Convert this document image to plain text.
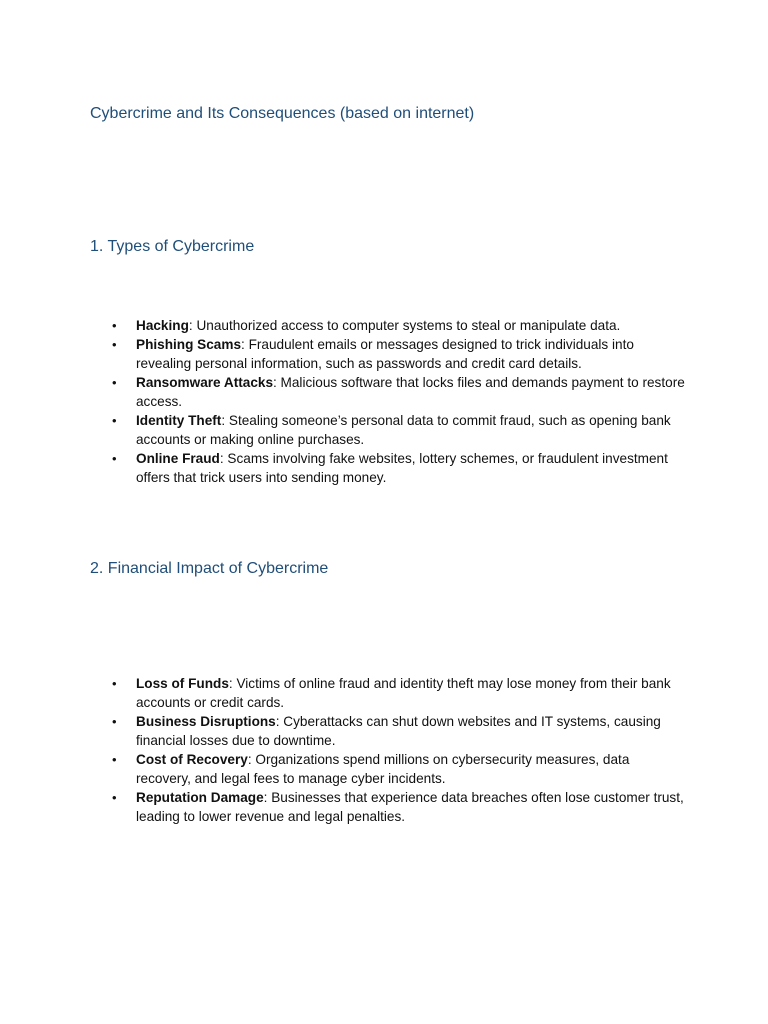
Cybercrime and Its Consequences (based on internet)
1. Types of Cybercrime
• Hacking: Unauthorized access to computer systems to steal or manipulate data.
• Phishing Scams: Fraudulent emails or messages designed to trick individuals into revealing personal information, such as passwords and credit card details.
• Ransomware Attacks: Malicious software that locks files and demands payment to restore access.
• Identity Theft: Stealing someone’s personal data to commit fraud, such as opening bank accounts or making online purchases.
• Online Fraud: Scams involving fake websites, lottery schemes, or fraudulent investment offers that trick users into sending money.
2. Financial Impact of Cybercrime
• Loss of Funds: Victims of online fraud and identity theft may lose money from their bank accounts or credit cards.
• Business Disruptions: Cyberattacks can shut down websites and IT systems, causing financial losses due to downtime.
• Cost of Recovery: Organizations spend millions on cybersecurity measures, data recovery, and legal fees to manage cyber incidents.
• Reputation Damage: Businesses that experience data breaches often lose customer trust, leading to lower revenue and legal penalties.
